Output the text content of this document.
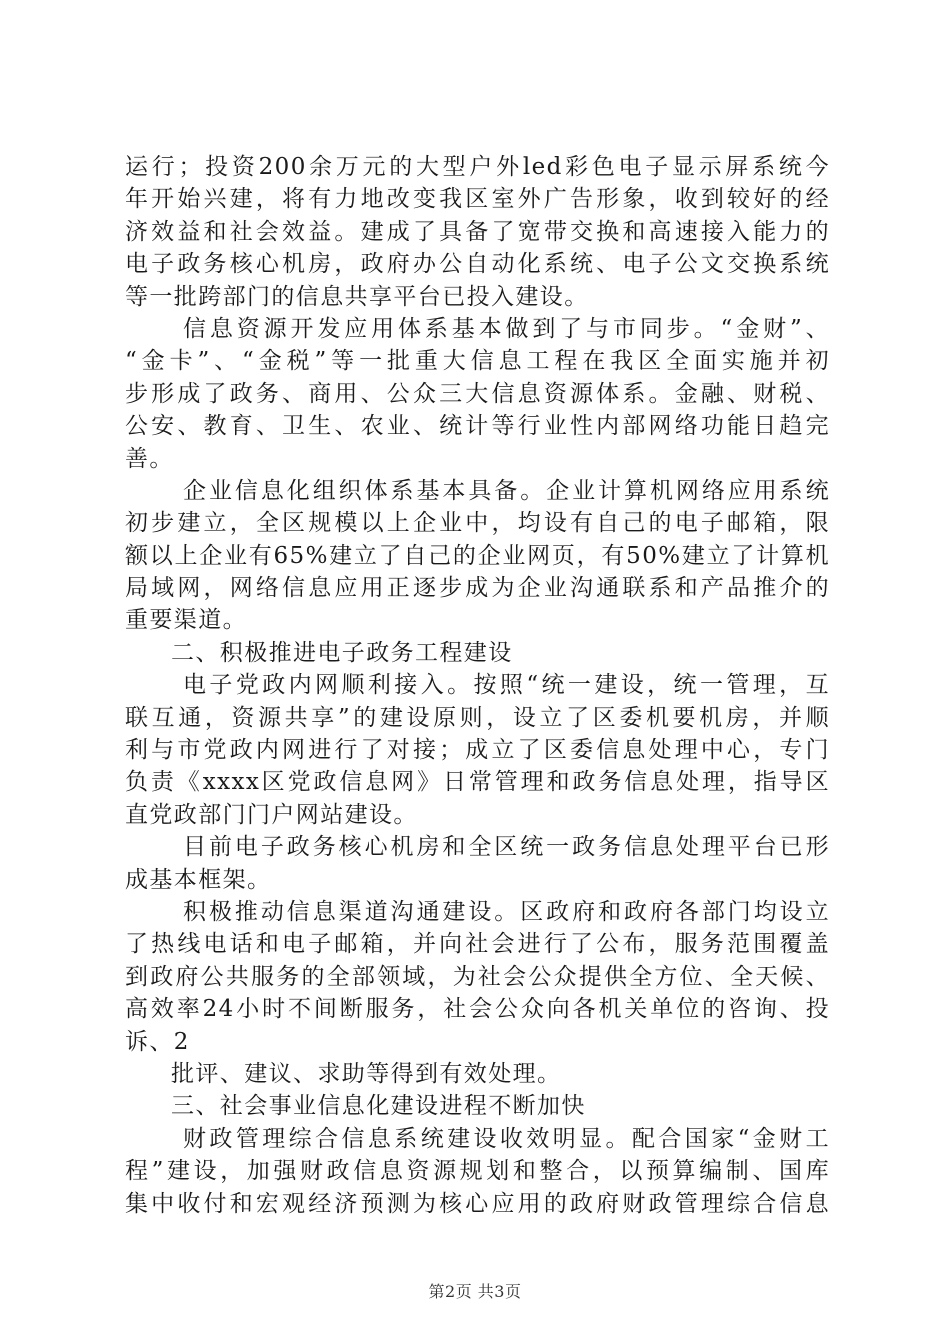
运行；投资200余万元的大型户外led彩色电子显示屏系统今
年开始兴建，将有力地改变我区室外广告形象，收到较好的经
济效益和社会效益。建成了具备了宽带交换和高速接入能力的
电子政务核心机房，政府办公自动化系统、电子公文交换系统
等一批跨部门的信息共享平台已投入建设。
信息资源开发应用体系基本做到了与市同步。“金财”、
“金卡”、“金税”等一批重大信息工程在我区全面实施并初
步形成了政务、商用、公众三大信息资源体系。金融、财税、
公安、教育、卫生、农业、统计等行业性内部网络功能日趋完
善。
企业信息化组织体系基本具备。企业计算机网络应用系统
初步建立，全区规模以上企业中，均设有自己的电子邮箱，限
额以上企业有65%建立了自己的企业网页，有50%建立了计算机
局域网，网络信息应用正逐步成为企业沟通联系和产品推介的
重要渠道。
二、积极推进电子政务工程建设
电子党政内网顺利接入。按照“统一建设，统一管理，互
联互通，资源共享”的建设原则，设立了区委机要机房，并顺
利与市党政内网进行了对接；成立了区委信息处理中心，专门
负责《xxxx区党政信息网》日常管理和政务信息处理，指导区
直党政部门门户网站建设。
目前电子政务核心机房和全区统一政务信息处理平台已形
成基本框架。
积极推动信息渠道沟通建设。区政府和政府各部门均设立
了热线电话和电子邮箱，并向社会进行了公布，服务范围覆盖
到政府公共服务的全部领域，为社会公众提供全方位、全天候、
高效率24小时不间断服务，社会公众向各机关单位的咨询、投
诉、2
批评、建议、求助等得到有效处理。
三、社会事业信息化建设进程不断加快
财政管理综合信息系统建设收效明显。配合国家“金财工
程”建设，加强财政信息资源规划和整合，以预算编制、国库
集中收付和宏观经济预测为核心应用的政府财政管理综合信息
第2页 共3页
